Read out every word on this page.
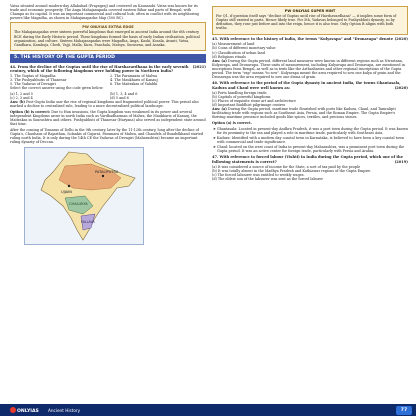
Vatsa situated around modern-day Allahabad (Prayagraj) and centered on Kausambi. Vatsa was known for its trade and economic prosperity. The Anga Mahajanapada covered eastern Bihar and parts of Bengal, with Champa as its capital. It was an important commercial and cultural hub, often in conflict with its neighboring powers like Magadha, as shown in Mahajanapadas Map (500 BC).

PW ONLYIAS EXTRA EDGE

The Mahajanapadas were sixteen powerful kingdoms that emerged in ancient India around the 6th century BCE during the Early Historic period. These kingdoms formed the basis of early Indian civilization, political organization, and culture. Sixteen Mahajanapadas were Magadha, Anga, Kashi, Kosala, Avanti, Vatsa, Gandhara, Kamboja, Chedi, Vajji, Malla, Kuru, Panchala, Matsya, Surasena, and Assaka.

5. THE HISTORY OF THE GUPTA PERIOD
(2021)
44. From the decline of the Guptas until the rise of Harshavardhana in the early seventh century, which of the following kingdoms were holding power in Northern India?

1. The Guptas of Magadha	2. The Paramaras of Malwa

3. The Pushyabhutis of Thanesar	4. The Maukharis of Kanauj

5. The Yadavas of Devagiri	6. The Maitrakas of Valabhi

Select the correct answer using the code given below:

(a) 1, 2 and 5	(b) 1, 3, 4 and 6

(c) 2, 3 and 4	(d) 5 and 6

Ans: (b) Post-Gupta India saw the rise of regional kingdoms and fragmented political power. This period also marked a decline to centralized rule, leading to a more decentralized political landscape.

Option (b) is correct: Due to Hun invasions, the Gupta kingdom was weakened in its power and several independent Kingdoms arose in north India such as Vardhadharman of Malwa, the Maukharis of Kanauj, the Maitrakas in Saurashtra and others. Pushyabhuti of Thanesar (Haryana) also served as independent state around that time.

After the coming of Tomaras of Delhi in the 9th century, later by the 11-12th century, long after the decline of Gupta's, Chauhans of Rajasthan, Solankis of Gujarat, Paramara of Malwa, and Chandels of Bundelkhand started ruling north India. It is only during the 14th CE the Yadavas of Devagiri (Maharashtra) became an important ruling dynasty of Deccan.

PATALIPUTRA
UJJAIN
CHALUKYA
PALLAVA
PW ONLYIAS SUPER HINT

For Q1, if question itself says "decline of Guptas until rise of Harshavardhana" — it implies some form of Guptas still existed in parts. Hence likely true. For 5th, Yadavas belonged to Pushyabhuti dynasty, so by definition, they rose just before and into the reign, hence it is also true. Only Option B aligns with both truths.

45. With reference to the history of India, the terms "Kulyavapa" and "Dronavapa" denote (2020)

(a) Measurement of land

(b) Coins of different monetary value

(c) Classification of urban land

(d) Religious rituals

Ans: (a) During the Gupta period, different land measures were known in different regions such as Nivartana, Kulyavapa, and Dronavapa. These units of measurement, including Kulyavapa and Dronavapa, are mentioned in inscriptions from Bengal, as well as in texts like the Arthashastra and other regional inscriptions of the Gupta period. The term "vap" means "to sow". Kulyavapa meant the area required to sow one kulya of grain and the Dronavapa was the area required to sow one drona of grain.

46. With reference to the period of the Gupta dynasty in ancient India, the towns Ghantasala, Kadura and Chaul were well known as:	(2020)

(a) Ports handling foreign trade

(b) Capitals of powerful kingdoms

(c) Places of exquisite stone art and architecture

(d) Important Buddhist pilgrimage centres

Ans: (a) During the Gupta period, maritime trade flourished with ports like Kadura, Chaul, and Tamralipti facilitating trade with regions such as Southeast Asia, Persia, and the Roman Empire. The Gupta Empire's thriving maritime presence included goods like spices, textiles, and precious stones.

Option (a) is correct.

➤ Ghantasala: Located in present-day Andhra Pradesh, it was a port town during the Gupta period. It was known for its proximity to the sea and played a role in maritime trade, particularly with Southeast Asia.

➤ Kadura: Identified with a modern day coastal town in Karnataka, is believed to have been a key coastal town with commercial and trade significance.

➤ Chaul: located on the west coast of India in present-day Maharashtra, was a prominent port town during the Gupta period. It was an active center for foreign trade, particularly with Persia and Arabia.

47. With reference to forced labour (Vishti) in India during the Gupta period, which one of the following statements is correct?	(2019)

(a) It was considered a source of income for the State, a sort of tax paid by the people

(b) It was totally absent in the Madhya Pradesh and Kathiawar regions of the Gupta Empire.

(c) The forced labourer was entitled to weekly wages.

(d) The eldest son of the labourer was sent as the forced laborer

ONLYIAS Ancient History	77
